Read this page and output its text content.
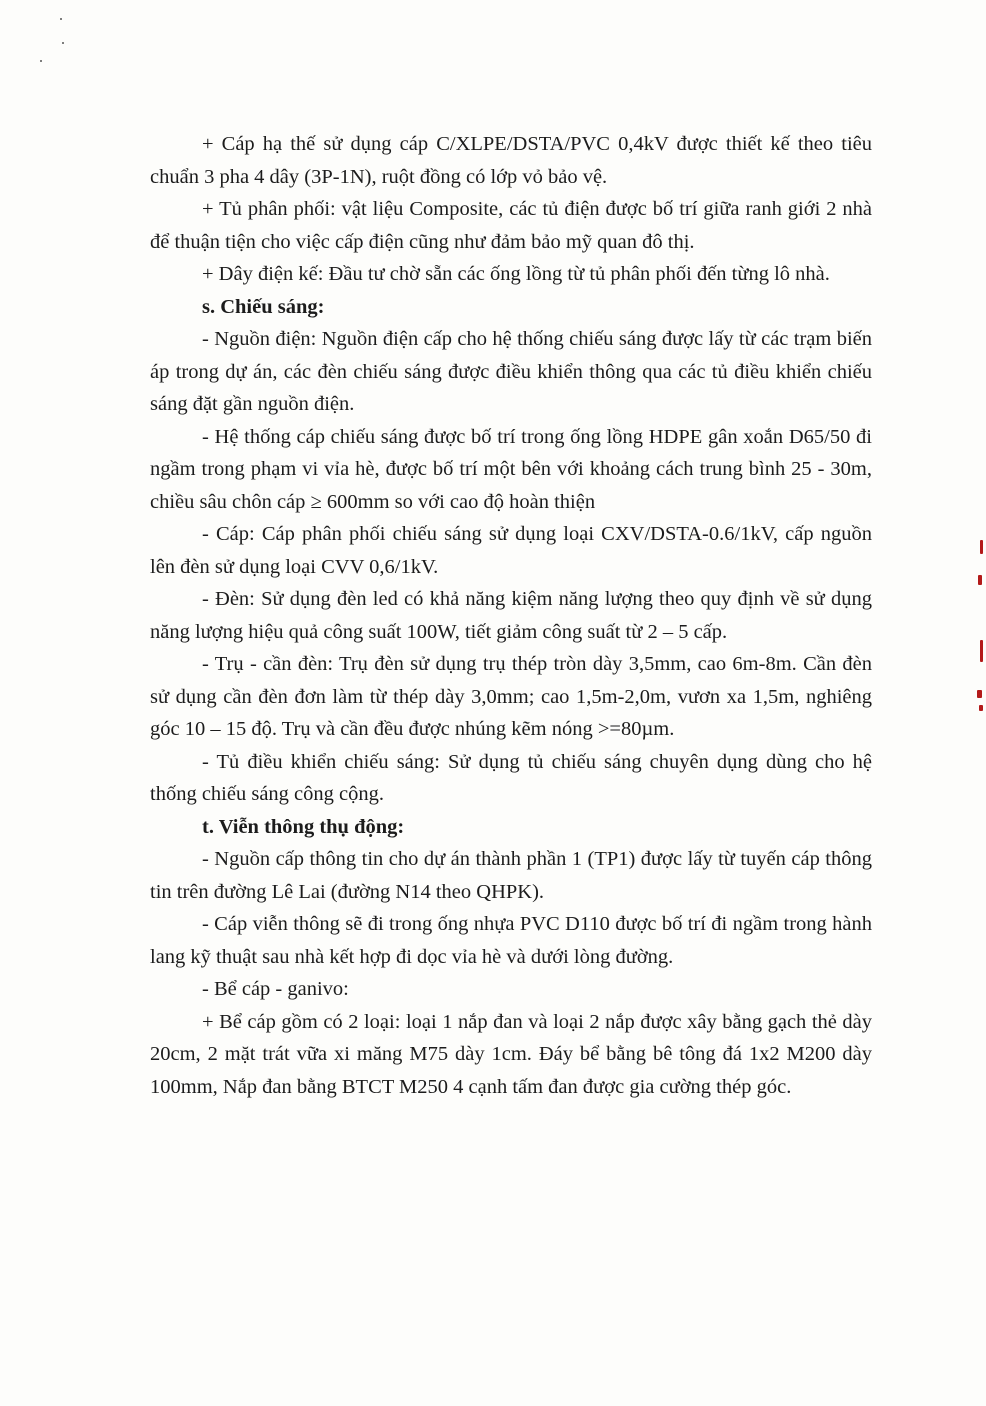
+ Cáp hạ thế sử dụng cáp C/XLPE/DSTA/PVC 0,4kV được thiết kế theo tiêu chuẩn 3 pha 4 dây (3P-1N), ruột đồng có lớp vỏ bảo vệ.

+ Tủ phân phối: vật liệu Composite, các tủ điện được bố trí giữa ranh giới 2 nhà để thuận tiện cho việc cấp điện cũng như đảm bảo mỹ quan đô thị.

+ Dây điện kế: Đầu tư chờ sẵn các ống lồng từ tủ phân phối đến từng lô nhà.

s. Chiếu sáng:

- Nguồn điện: Nguồn điện cấp cho hệ thống chiếu sáng được lấy từ các trạm biến áp trong dự án, các đèn chiếu sáng được điều khiển thông qua các tủ điều khiển chiếu sáng đặt gần nguồn điện.

- Hệ thống cáp chiếu sáng được bố trí trong ống lồng HDPE gân xoắn D65/50 đi ngầm trong phạm vi vỉa hè, được bố trí một bên với khoảng cách trung bình 25 - 30m, chiều sâu chôn cáp ≥ 600mm so với cao độ hoàn thiện

- Cáp: Cáp phân phối chiếu sáng sử dụng loại CXV/DSTA-0.6/1kV, cấp nguồn lên đèn sử dụng loại CVV 0,6/1kV.

- Đèn: Sử dụng đèn led có khả năng kiệm năng lượng theo quy định về sử dụng năng lượng hiệu quả công suất 100W, tiết giảm công suất từ 2 – 5 cấp.

- Trụ - cần đèn: Trụ đèn sử dụng trụ thép tròn dày 3,5mm, cao 6m-8m. Cần đèn sử dụng cần đèn đơn làm từ thép dày 3,0mm; cao 1,5m-2,0m, vươn xa 1,5m, nghiêng góc 10 – 15 độ. Trụ và cần đều được nhúng kẽm nóng >=80µm.

- Tủ điều khiển chiếu sáng: Sử dụng tủ chiếu sáng chuyên dụng dùng cho hệ thống chiếu sáng công cộng.

t. Viễn thông thụ động:

- Nguồn cấp thông tin cho dự án thành phần 1 (TP1) được lấy từ tuyến cáp thông tin trên đường Lê Lai (đường N14 theo QHPK).

- Cáp viễn thông sẽ đi trong ống nhựa PVC D110 được bố trí đi ngầm trong hành lang kỹ thuật sau nhà kết hợp đi dọc vỉa hè và dưới lòng đường.

- Bể cáp - ganivo:

+ Bể cáp gồm có 2 loại: loại 1 nắp đan và loại 2 nắp được xây bằng gạch thẻ dày 20cm, 2 mặt trát vữa xi măng M75 dày 1cm. Đáy bể bằng bê tông đá 1x2 M200 dày 100mm, Nắp đan bằng BTCT M250 4 cạnh tấm đan được gia cường thép góc.
